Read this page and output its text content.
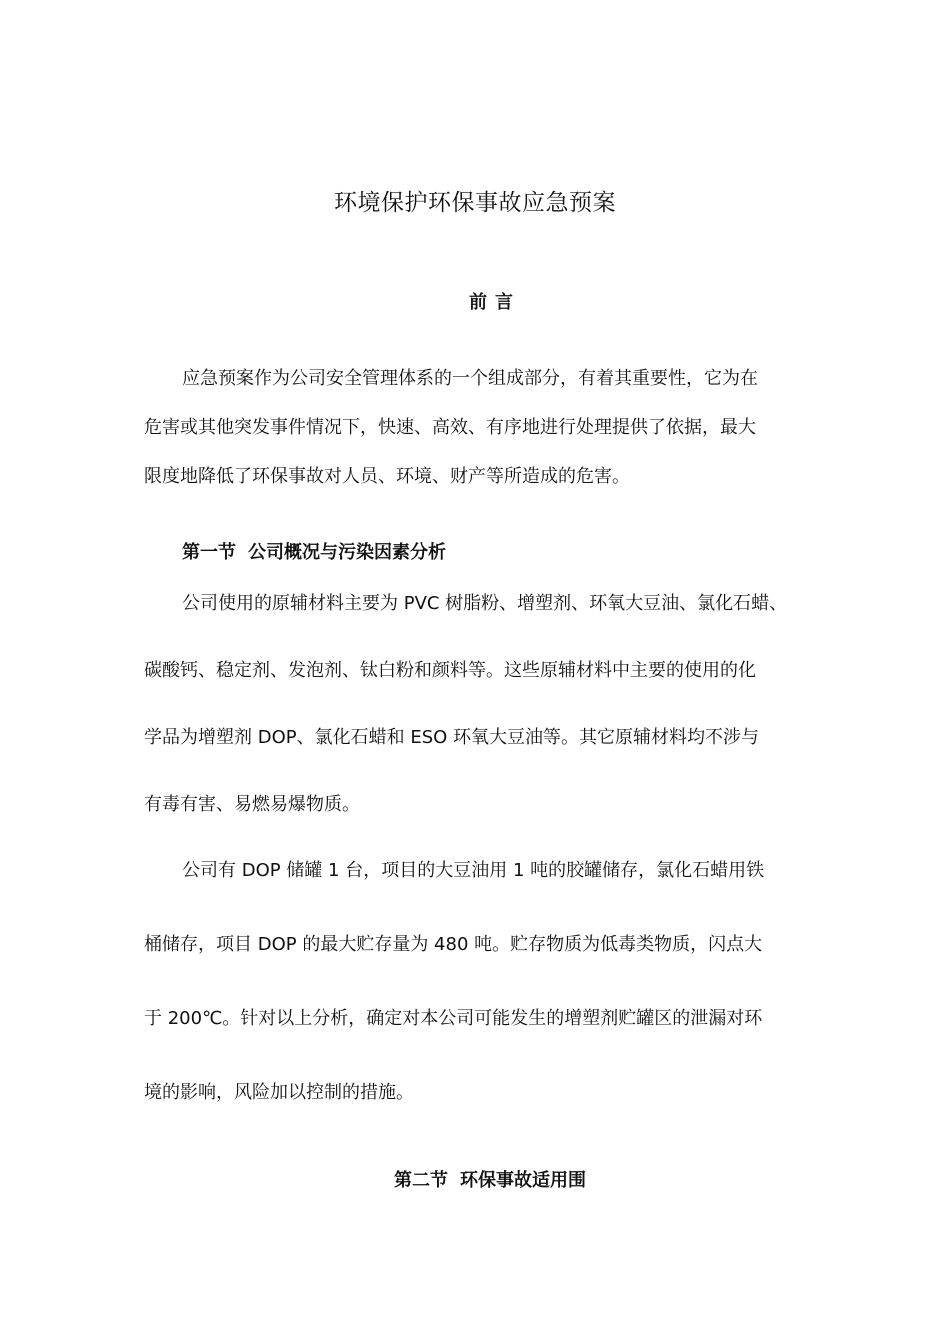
环境保护环保事故应急预案
前言
应急预案作为公司安全管理体系的一个组成部分，有着其重要性，它为在
危害或其他突发事件情况下，快速、高效、有序地进行处理提供了依据，最大
限度地降低了环保事故对人员、环境、财产等所造成的危害。
第一节 公司概况与污染因素分析
公司使用的原辅材料主要为 PVC 树脂粉、增塑剂、环氧大豆油、氯化石蜡、
碳酸钙、稳定剂、发泡剂、钛白粉和颜料等。这些原辅材料中主要的使用的化
学品为增塑剂 DOP、氯化石蜡和 ESO 环氧大豆油等。其它原辅材料均不涉与
有毒有害、易燃易爆物质。
公司有 DOP 储罐 1 台，项目的大豆油用 1 吨的胶罐储存，氯化石蜡用铁
桶储存，项目 DOP 的最大贮存量为 480 吨。贮存物质为低毒类物质，闪点大
于 200℃。针对以上分析，确定对本公司可能发生的增塑剂贮罐区的泄漏对环
境的影响，风险加以控制的措施。
第二节 环保事故适用围
